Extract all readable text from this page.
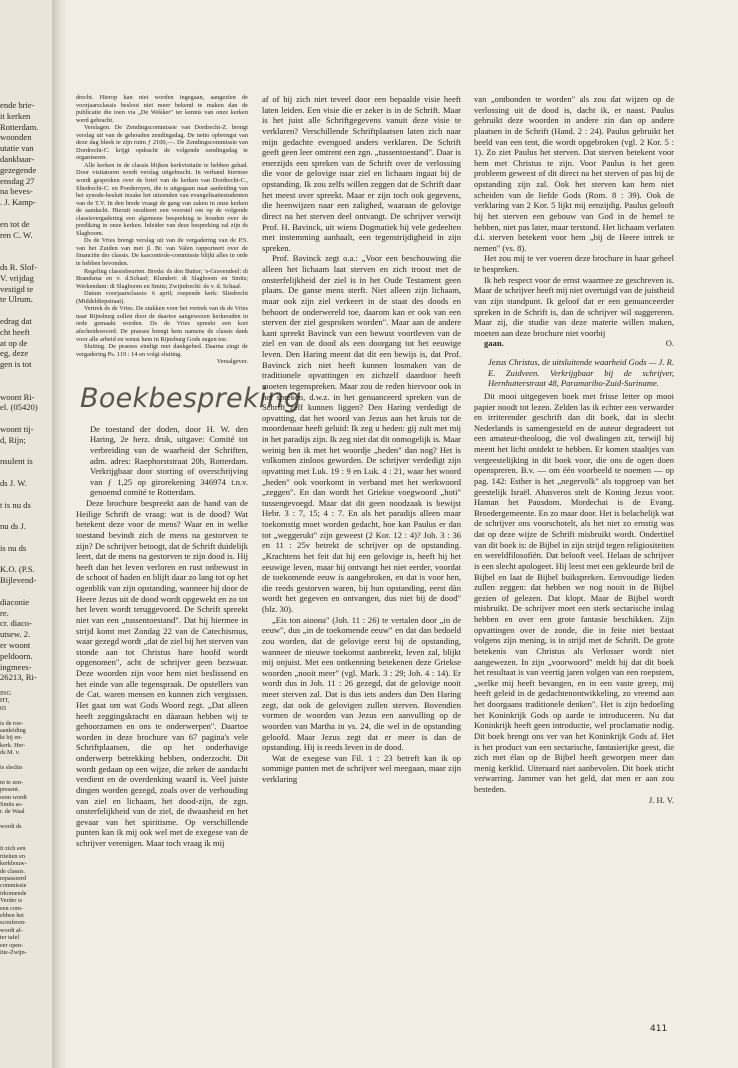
ende brie-
it kerken
Rotterdam.
woonden
utatie van
dankbaar-
gezegende
ensdag 27
na beves-
. J. Kamp-
en tot de
ren C. W.
ds R. Slof-
V. vrijdag
vestigd te
te Ulrum.
edrag dat
cht heeft
at op de
eg, deze
gen is tot
woont Ri-
el. (05420)
woont tij-
d, Rijn;
nsulent is
ds J. W.
t is nu ds
nu ds J.
is nu ds
K.O. (P.S.
Bijlevend-
diaconie
re.
cr. diaco-
utsew. 2.
er woont
peldoorn.
ingmees-
26213, Ri-
ING
HT,
65
is de roe-
aanleiding
kt bij en-
kerk. Her-
ds M. v.
is slechts
m te zen-
present.
oom wordt
Smits as-
r. de Waal
wordt ds
it zich een
riteiten en
kerkbouw-
de classis.
repasseerd
commissie
irkomende
Verder is
een com-
ebben het
sconferen-
wordt af-
ter tafel
eer open-
itie-Zwijn-

drecht. Hierop kan niet worden ingegaan, aangezien de voorjaarsclassis besloot niet meer bekend te maken dan de publicatie die toen via „De Wekker" ter kennis van onze kerken werd gebracht.

Verslagen. De Zendingscommissie van Dordrecht-Z. brengt verslag uit van de gehouden zendingsdag. De netto opbrengst van deze dag bleek te zijn ruim ƒ 2100,—. De Zendingscommissie van Dordrecht-C. krijgt opdracht de volgende zendingsdag te organiseren.

Alle kerken in de classis blijken kerkvisitatie te hebben gehad. Door visitatoren wordt verslag uitgebracht. In verband hiermee wordt gesproken over de brief van de kerken van Dordrecht-C., Sliedrecht-C. en Poederoyen, die is uitgegaan naar aanleiding van het synode-besluit inzake het uitzenden van evangelisatiestudenten van de T.V. In den brede vraagt de gang van zaken in onze kerken de aandacht. Hieruit resulteert een voorstel om op de volgende classisvergadering een algemene bespreking te houden over de prediking in onze kerken. Inleider van deze bespreking zal zijn ds Slagboom.

Ds de Vries brengt verslag uit van de vergadering van de P.S. van het Zuiden van mei jl. Br. van Valen rapporteert over de financiën der classis. De kascontrole-commissie blijkt alles in orde te hebben bevonden.

Regeling classisbeurten. Breda: ds den Butter; 's-Gravendeel: di Brandsma en v. d.Schaaf; Klundert: di Slagboom en Smits; Werkendam: di Slagboom en Smits; Zwijndrecht: ds v. d. Schaaf.

Datum voorjaarsclassis: 6 april; roepende kerk: Sliedrecht (Middeldiepstraat).

Vertrek ds de Vries. De stukken voor het vertrek van ds de Vries naar Rijnsburg zullen door de daartoe aangewezen kerkeraden in orde gemaakt worden. Ds de Vries spreekt een kort afscheidswoord. De praeses brengt hem namens de classis dank voor alle arbeid en wenst hem in Rijnsburg Gods zegen toe.

Sluiting. De praeses eindigt met dankgebed. Daarna zingt de vergadering Ps. 119 : 14 en volgt sluiting.

Versalgever.
Boekbespreking

De toestand der doden, door H. W. den Haring, 2e herz. druk, uitgave: Comité tot verbreiding van de waarheid der Schriften, adm. adres: Raephorststraat 20b, Rotterdam. Verkrijgbaar door storting of overschrijving van ƒ 1,25 op girorekening 346974 t.n.v. genoemd comité te Rotterdam.

Deze brochure bespreekt aan de hand van de Heilige Schrift de vraag: wat is de dood? Wat betekent deze voor de mens? Waar en in welke toestand bevindt zich de mens na gestorven te zijn? De schrijver betoogt, dat de Schrift duidelijk leert, dat de mens na gestorven te zijn dood is. Hij heeft dan het leven verloren en rust onbewust in de schoot of haden en blijft daar zo lang tot op het ogenblik van zijn opstanding, wanneer hij door de Heere Jezus uit de dood wordt opgewekt en zo tot het leven wordt teruggevoerd. De Schrift spreekt niet van een „tussentoestand". Dat hij hiermee in strijd komt met Zondag 22 van de Catechismus, waar gezegd wordt „dat de ziel bij het sterven van stonde aan tot Christus hare hoofd wordt opgenomen", acht de schrijver geen bezwaar. Deze woorden zijn voor hem niet beslissend en het einde van alle tegenspraak. De opstellers van de Cat. waren mensen en kunnen zich vergissen. Het gaat om wat Gods Woord zegt. „Dat alleen heeft zeggingskracht en dàaraan hebben wij te gehoorzamen en ons te onderwerpen". Daartoe worden in deze brochure van 67 pagina's vele Schriftplaatsen, die op het onderhavige onderwerp betrekking hebben, onderzocht. Dit wordt gedaan op een wijze, die zeker de aandacht verdient en de overdenking waard is. Veel juiste dingen worden gezegd, zoals over de verhouding van ziel en lichaam, het dood-zijn, de zgn. onsterfelijkheid van de ziel, de dwaasheid en het gevaar van het spiritisme. Op verschillende punten kan ik mij ook wel met de exegese van de schrijver verenigen. Maar toch vraag ik mij

af of hij zich niet teveel door een bepaalde visie heeft laten leiden. Een visie die er zeker is in de Schrift. Maar is het juist alle Schriftgegevens vanuit deze visie te verklaren? Verschillende Schriftplaatsen laten zich naar mijn gedachte evengoed anders verklaren. De Schrift geeft geen leer omtrent een zgn. „tussentoestand". Daar is enerzijds een spreken van de Schrift over de verlossing die voor de gelovige naar ziel en lichaam ingaat bij de opstanding. Ik zou zelfs willen zeggen dat de Schrift daar het meest over spreekt. Maar er zijn toch ook gegevens, die heenwijzen naar een zalighed, waaraan de gelovige direct na het sterven deel ontvangt. De schrijver verwijt Prof. H. Bavinck, uit wiens Dogmatiek hij vele gedeelten met instemming aanhaalt, een tegenstrijdigheid in zijn spreken.

Prof. Bavinck zegt o.a.: „Voor een beschouwing die alleen het lichaam laat sterven en zich troost met de onsterfelijkheid der ziel is in het Oude Testament geen plaats. De ganse mens sterft. Niet alleen zijn lichaam, maar ook zijn ziel verkeert in de staat des doods en behoort de onderwereld toe, daarom kan er ook van een sterven der ziel gesproken worden". Maar aan de andere kant spreekt Bavinck van een bewust voortleven van de ziel en van de dood als een doorgang tot het eeuwige leven. Den Haring meent dat dit een bewijs is, dat Prof. Bavinck zich niet heeft kunnen losmaken van de traditionele opvattingen en zichzelf daardoor heeft moeten tegenspreken. Maar zou de reden hiervoor ook in het spreken, d.w.z. in het genuanceerd spreken van de Schrift zelf kunnen liggen? Den Haring verdedigt de opvatting, dat het woord van Jezus aan het kruis tot de moordenaar heeft geluid: Ik zeg u heden: gij zult met mij in het paradijs zijn. Ik zeg niet dat dit onmogelijk is. Maar weinig ben ik met het woordje „heden" dan nog? Het is volkomen zinloos geworden. De schrijver verdedigt zijn opvatting met Luk. 19 : 9 en Luk. 4 : 21, waar het woord „heden" ook voorkomt in verband met het werkwoord „zeggen". En dan wordt het Griekse voegwoord „hoti" tussengevoegd. Maar dat dit geen noodzaak is bewijst Hebr. 3 : 7, 15; 4 : 7. En als het paradijs alleen maar toekomstig moet worden gedacht, hoe kan Paulus er dan tot „weggerukt" zijn geweest (2 Kor. 12 : 4)? Joh. 3 : 36 en 11 : 25v betrekt de schrijver op de opstanding. „Krachtens het feit dat hij een gelovige is, heeft hij het eeuwige leven, maar hij ontvangt het niet eerder, voordat de toekomende eeuw is aangebroken, en dat is voor hen, die reeds gestorven waren, bij hun opstanding, eerst dàn wordt het gegeven en ontvangen, dus niet bij de dood" (blz. 30).

„Eis ton aioona" (Joh. 11 : 26) te vertalen door „in de eeuw", dus „in de toekomende eeuw" en dat dan bedoeld zou worden, dat de gelovige eerst bij de opstanding, wanneer de nieuwe toekomst aanbreekt, leven zal, blijkt mij onjuist. Met een ontkenning betekenen deze Griekse woorden „nooit meer" (vgl. Mark. 3 : 29; Joh. 4 : 14). Er wordt dus in Joh. 11 : 26 gezegd, dat de gelovige nooit meer sterven zal. Dat is dus iets anders dan Den Haring zegt, dat ook de gelovigen zullen sterven. Bovendien vormen de woorden van Jezus een aanvulling op de woorden van Martha in vs. 24, die wel in de opstanding geloofd. Maar Jezus zegt dat er meer is dan de opstanding. Hij is reeds leven in de dood.

Wat de exegese van Fil. 1 : 23 betreft kan ik op sommige punten met de schrijver wel meegaan, maar zijn verklaring

van „ontbonden te worden" als zou dat wijzen op de verlossing uit de dood is, dacht ik, er naast. Paulus gebruikt deze woorden in andere zin dan op andere plaatsen in de Schrift (Hand. 2 : 24). Paulus gebruikt het beeld van een tent, die wordt opgebroken (vgl. 2 Kor. 5 : 1). Zo ziet Paulus het sterven. Dat sterven betekent voor hem met Christus te zijn. Voor Paulus is het geen probleem geweest of dit direct na het sterven of pas bij de opstanding zijn zal. Ook het sterven kan hem niet scheiden van de liefde Gods (Rom. 8 : 39). Ook de verklaring van 2 Kor. 5 lijkt mij eenzijdig. Paulus gelooft bij het sterven een gebouw van God in de hemel te hebben, niet pas later, maar terstond. Het lichaam verlaten d.i. sterven betekent voor hem „bij de Heere intrek te nemen" (vs. 8).

Het zou mij te ver voeren deze brochure in haar geheel te bespreken.

Ik heb respect voor de ernst waarmee ze geschreven is. Maar de schrijver heeft mij niet overtuigd van de juistheid van zijn standpunt. Ik geloof dat er een genuanceerder spreken in de Schrift is, dan de schrijver wil suggereren. Maar zij, die studie van deze materie willen maken, moeten aan deze brochure niet voorbij

gaan.	O.

Jezus Christus, de uitsluitende waarheid Gods — J. R. E. Zuidveen. Verkrijgbaar bij de schrijver, Hernhutterstraat 48, Paramaribo-Zuid-Suriname.

Dit mooi uitgegeven boek met frisse letter op mooi papier noodt tot lezen. Zelden las ik echter een verwarder en irriterender geschrift dan dit boek, dat in slecht Nederlands is samengesteld en de auteur degradeert tot een amateur-theoloog, die vol dwalingen zit, terwijl hij meent het licht ontdekt te hebben. Er komen staaltjes van vergeestelijking in dit boek voor, die ons de ogen doen openspreren. B.v. — om één voorbeeld te noemen — op pag. 142: Esther is het „negervolk" als topgroep van het geestelijk Israël. Ahasveros stelt de Koning Jezus voor. Haman het Pausdom. Mordechai is de Evang. Broedergemeente. En zo maar door. Het is belachelijk wat de schrijver ons voorschotelt, als het niet zo ernstig was dat op deze wijze de Schrift misbruikt wordt. Ondertitel van dit boek is: de Bijbel in zijn strijd tegen religiositeiten en wereldfilosofiën. Dat belooft veel. Helaas de schrijver is een slecht apologeet. Hij leest met een gekleurde bril de Bijbel en laat de Bijbel buikspreken. Eenvoudige lieden zullen zeggen: dat hebben we nog nooit in de Bijbel gezien of gelezen. Dat klopt. Maar de Bijbel wordt misbruikt. De schrijver moet een sterk sectarische inslag hebben en over een grote fantasie beschikken. Zijn opvattingen over de zonde, die in feite niet bestaat volgens zijn mening, is in strijd met de Schrift. De grote betekenis van Christus als Verlosser wordt niet aangewezen. In zijn „voorwoord" meldt hij dat dit boek het resultaat is van veertig jaren volgen van een roepstem, „welke mij heeft bevangen, en in een vaste greep, mij heeft geleid in de gedachtenontwikkeling, zo vreemd aan het doorgaans traditionele denken". Het is zijn bedoeling het Koninkrijk Gods op aarde te introduceren. Nu dat Koninkrijk heeft geen introductie, wel proclamatie nodig. Dit boek brengt ons ver van het Koninkrijk Gods af. Het is het product van een sectarische, fantasierijke geest, die zich met élan op de Bijbel heeft geworpen meer dan menig kerklid. Uiteraard niet aanbevolen. Dit boek sticht verwarring. Jammer van het geld, dat men er aan zou besteden.

J. H. V.
411
